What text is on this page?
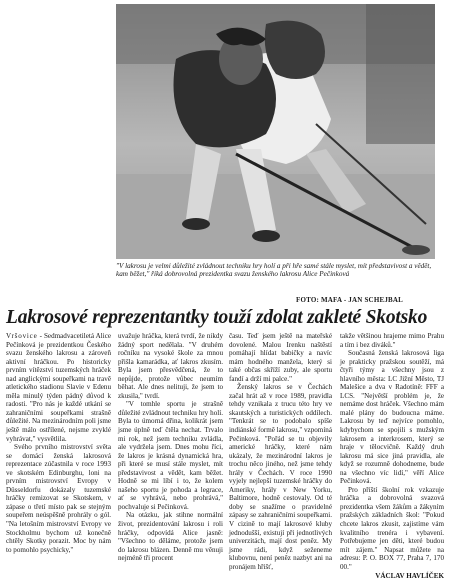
"V lakrosu je velmi důležité zvládnout techniku hry holí a při hře samé stále myslet, mít představivost a vědět, kam běžet," říká dobrovolná prezidentka svazu ženského lakrosu Alice Pečinková
FOTO: MAFA - JAN SCHEJBAL
Lakrosové reprezentantky touží zdolat zakleté Skotsko

Vršovice - Sedmadvacetiletá Alice Pečínková je prezidentkou Českého svazu ženského lakrosu a zároveň aktivní hráčkou. Po historicky prvním vítězství tuzemských hráček nad anglickými soupeřkami na travě atletického stadionu Slavie v Edenu měla minulý týden pádný důvod k radosti. "Pro nás je každé utkání se zahraničními soupeřkami strašně důležité. Na mezinárodním poli jsme ještě málo ostřílené, nejsme zvyklé vyhrávat," vysvětlila.

Svého prvního mistrovství světa se domácí ženská lakrosová reprezentace zúčastnila v roce 1993 ve skotském Edinburghu, loni na prvním mistrovství Evropy v Düsseldorfu dokázaly tuzemské hráčky remizovat se Skotskem, v zápase o třetí místo pak se stejným soupeřem neúspěšně prohrály o gól. "Na letošním mistrovství Evropy ve Stockholmu bychom už konečně chtěly Skotky porazit. Moc by nám to pomohlo psychicky,"

uvažuje hráčka, která tvrdí, že nikdy žádný sport nedělala. "V druhém ročníku na vysoké škole za mnou přišla kamarádka, ať lakros zkusím. Byla jsem přesvědčená, že to nepůjde, protože vůbec neumím běhat. Ale dnes nelituji, že jsem to zkusila," tvrdí.

"V tomhle sportu je strašně důležité zvládnout techniku hry holí. Byla to úmorná dřina, kolikrát jsem jsme úplně teď čtěla nechat. Trvalo mi rok, než jsem techniku zvládla, ale vydržela jsem. Dnes mohu říci, že lakros je krásná dynamická hra, při které se musí stále myslet, mít představivost a vědět, kam běžet. Hodně se mi líbí i to, že kolem našeho sportu je pohoda a legrace, ať se vyhrává, nebo prohrává," pochvaluje si Pečinková.

Na otázku, jak stihne normální život, prezidentování lakrosu i roli hráčky, odpovídá Alice jasně: "Všechno to děláme, protože jsem do lakrosu blázen. Denně mu věnuji nejméně tři procent

času. Teď jsem ještě na mateřské dovolené. Malou Irenku naštěstí pomáhají hlídat babičky a navíc mám hodného manžela, který si také občas skříží zuby, ale sportu fandí a drží mi palce."

Ženský lakros se v Čechách začal hrát až v roce 1989, pravidla tehdy vznikala z trucu této hry ve skautských a turistických oddílech. "Tenkrát se to podobalo spíše indiánské formě lakrosu," vzpomíná Pečinková. "Pořád se tu objevily americké hráčky, které nám ukázaly, že mezinárodní lakros je trochu něco jiného, než jsme tehdy hrály v Čechách. V roce 1990 vyjely nejlepší tuzemské hráčky do Ameriky, hrály v New Yorku, Baltimore, hodně cestovaly. Od té doby se snažíme o pravidelné zápasy se zahraničními soupeřkami. V cizině to mají lakrosové kluby jednodušší, existují při jednotlivých univerzitách, mají dost peněz. My jsme rádi, když seženeme klubovnu, není peněz nazbyt ani na pronájem hřišť,

takže většinou hrajeme mimo Prahu a tím i bez diváků."

Současná ženská lakrosová liga je prakticky pražskou soutěží, má čtyři týmy a všechny jsou z hlavního města: LC Jižní Město, TJ Malešice a dva v Radotíně: FFF a LCS. "Největší problém je, že nemáme dost hráček. Všechno mám malé plány do budoucna máme. Lakrosu by teď nejvíce pomohlo, kdybychom se spojili s mužským lakrosem a interkrosem, který se hraje v tělocvičně. Každý druh lakrosu má sice jiná pravidla, ale když se rozumně dohodneme, bude na všechno víc lidí," věří Alice Pečinková.

Pro příští školní rok vzkazuje hráčka a dobrovolná svazová prezidentka všem žákům a žákyním pražských základních škol: "Pokud chcete lakros zkusit, zajistíme vám kvalitního trenéra i vybavení. Potřebujeme jen děti, které budou mít zájem." Napsat můžete na adresu: P. O. BOX 77, Praha 7, 170 00."

VÁCLAV HAVLÍČEK
